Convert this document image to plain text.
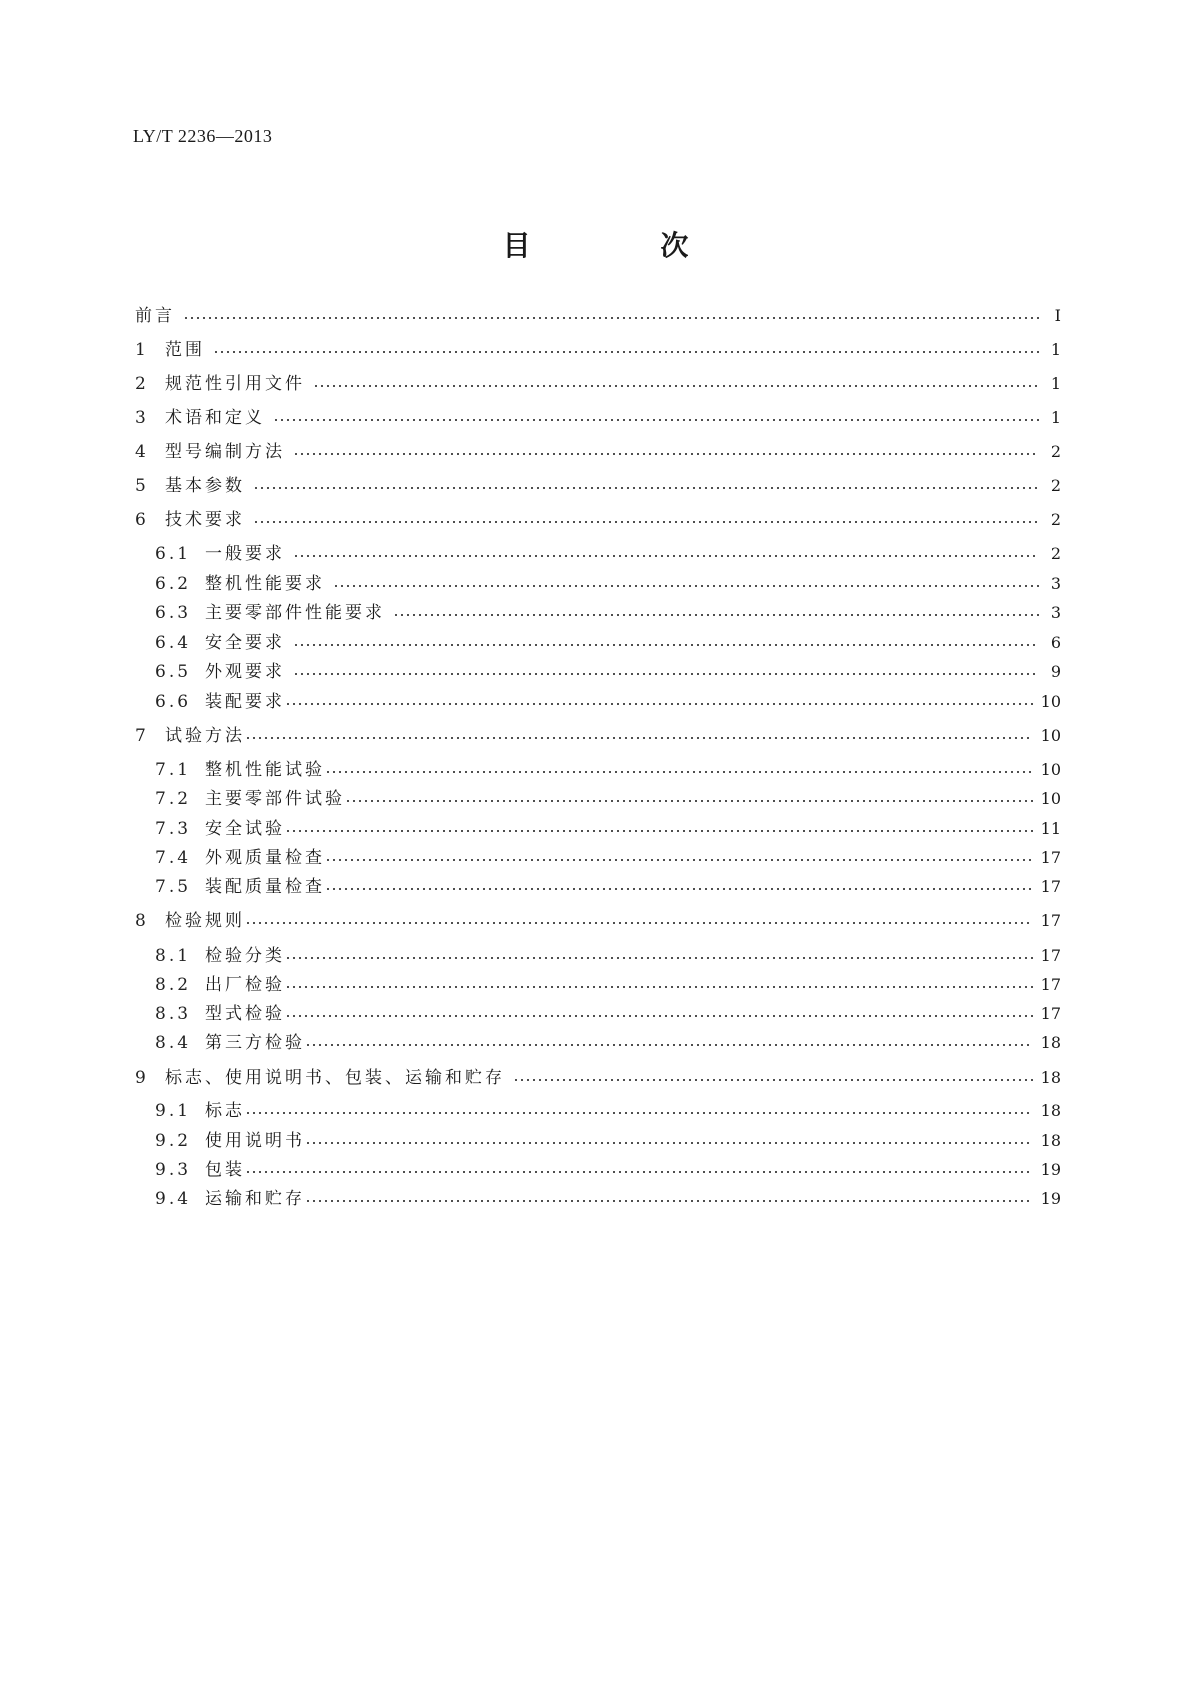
LY/T 2236—2013
目 次
前言	Ⅰ
1	范围	1
2	规范性引用文件	1
3	术语和定义	1
4	型号编制方法	2
5	基本参数	2
6	技术要求	2
6.1 一般要求	2
6.2 整机性能要求	3
6.3 主要零部件性能要求	3
6.4 安全要求	6
6.5 外观要求	9
6.6 装配要求	10
7	试验方法	10
7.1 整机性能试验	10
7.2 主要零部件试验	10
7.3 安全试验	11
7.4 外观质量检查	17
7.5 装配质量检查	17
8	检验规则	17
8.1 检验分类	17
8.2 出厂检验	17
8.3 型式检验	17
8.4 第三方检验	18
9	标志、使用说明书、包装、运输和贮存	18
9.1 标志	18
9.2 使用说明书	18
9.3 包装	19
9.4 运输和贮存	19
